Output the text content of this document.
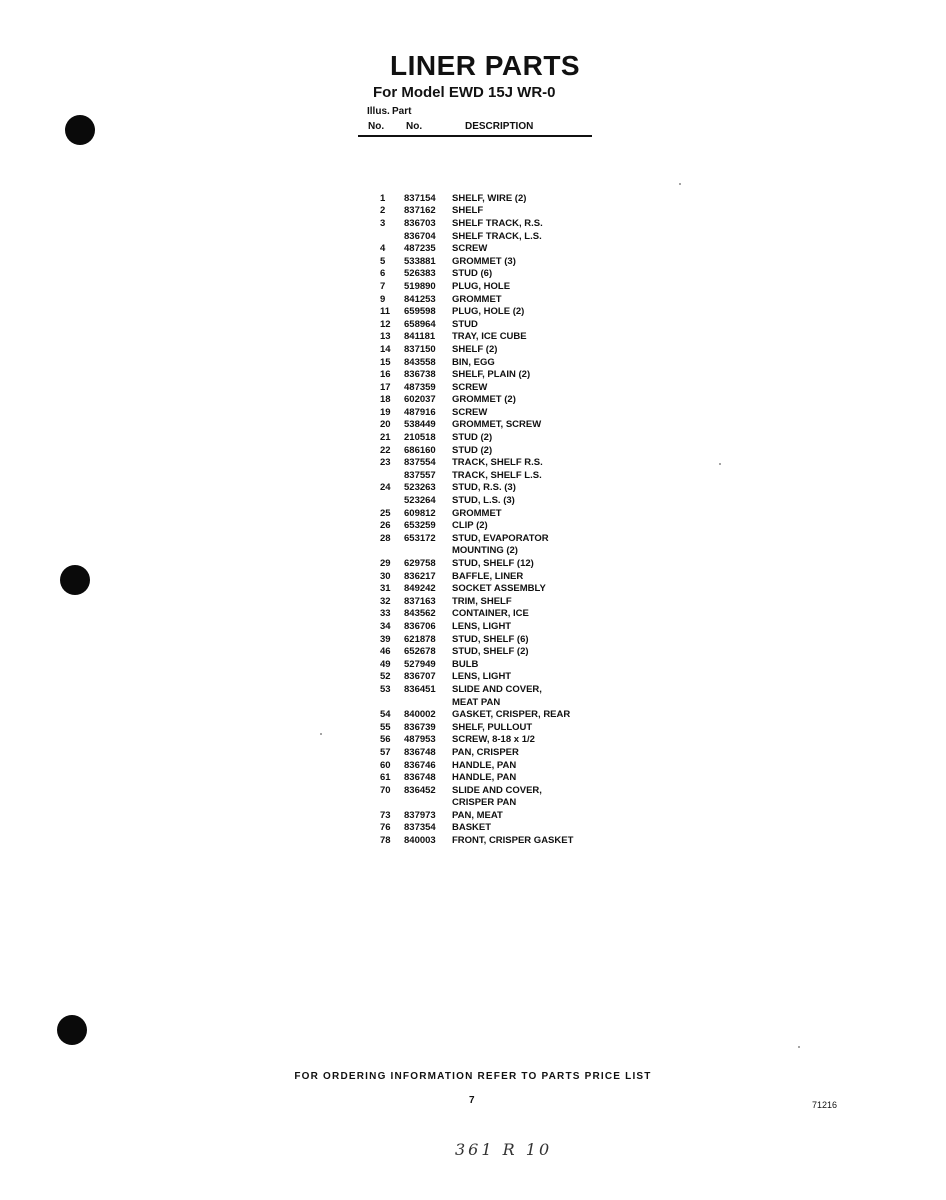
LINER PARTS
For Model EWD 15J WR-0
Illus. Part
No. No.	DESCRIPTION
1	837154	SHELF, WIRE (2)
2	837162	SHELF
3	836703	SHELF TRACK, R.S.
836704	SHELF TRACK, L.S.
4	487235	SCREW
5	533881	GROMMET (3)
6	526383	STUD (6)
7	519890	PLUG, HOLE
9	841253	GROMMET
11	659598	PLUG, HOLE (2)
12	658964	STUD
13	841181	TRAY, ICE CUBE
14	837150	SHELF (2)
15	843558	BIN, EGG
16	836738	SHELF, PLAIN (2)
17	487359	SCREW
18	602037	GROMMET (2)
19	487916	SCREW
20	538449	GROMMET, SCREW
21	210518	STUD (2)
22	686160	STUD (2)
23	837554	TRACK, SHELF R.S.
837557	TRACK, SHELF L.S.
24	523263	STUD, R.S. (3)
523264	STUD, L.S. (3)
25	609812	GROMMET
26	653259	CLIP (2)
28	653172	STUD, EVAPORATOR
MOUNTING (2)
29	629758	STUD, SHELF (12)
30	836217	BAFFLE, LINER
31	849242	SOCKET ASSEMBLY
32	837163	TRIM, SHELF
33	843562	CONTAINER, ICE
34	836706	LENS, LIGHT
39	621878	STUD, SHELF (6)
46	652678	STUD, SHELF (2)
49	527949	BULB
52	836707	LENS, LIGHT
53	836451	SLIDE AND COVER,
MEAT PAN
54	840002	GASKET, CRISPER, REAR
55	836739	SHELF, PULLOUT
56	487953	SCREW, 8-18 x 1/2
57	836748	PAN, CRISPER
60	836746	HANDLE, PAN
61	836748	HANDLE, PAN
70	836452	SLIDE AND COVER,
CRISPER PAN
73	837973	PAN, MEAT
76	837354	BASKET
78	840003	FRONT, CRISPER GASKET
FOR ORDERING INFORMATION REFER TO PARTS PRICE LIST
7	71216
361 R 10
